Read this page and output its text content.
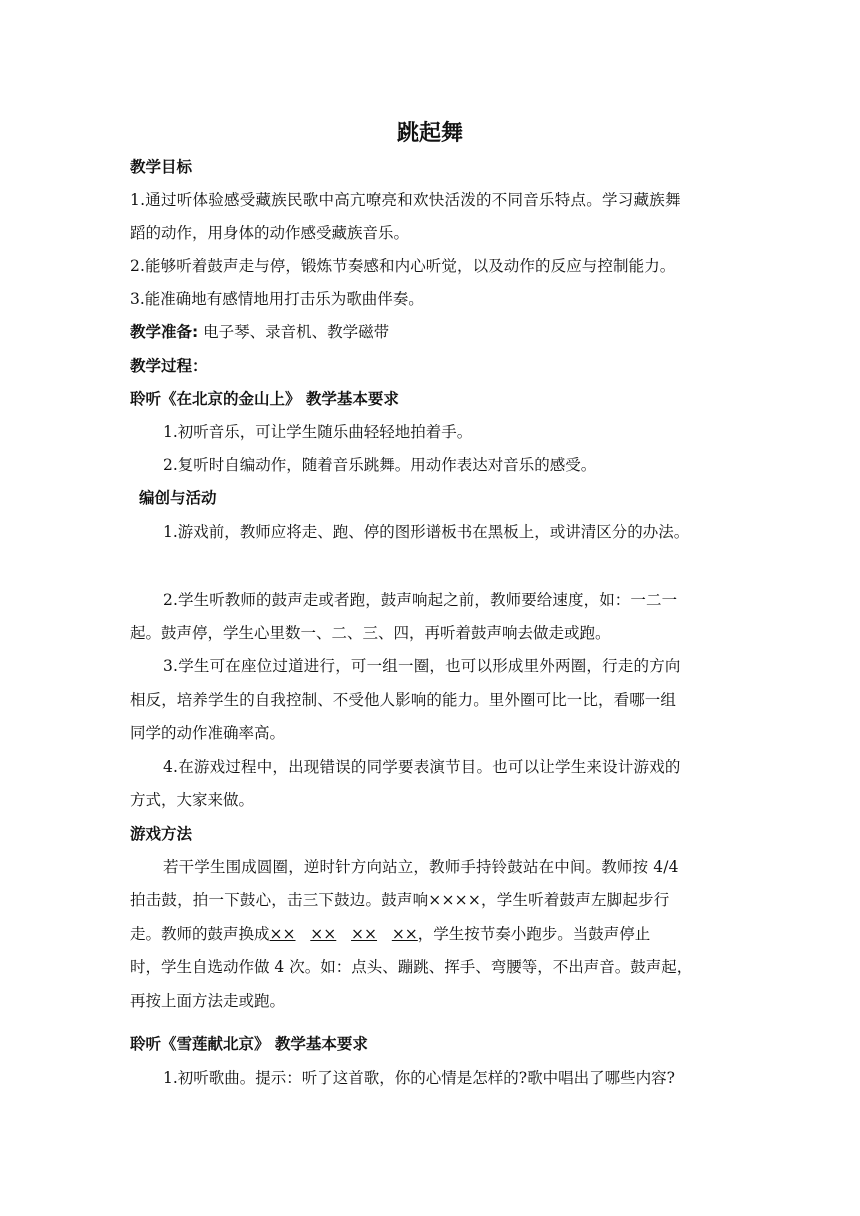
跳起舞
教学目标
1.通过听体验感受藏族民歌中高亢嘹亮和欢快活泼的不同音乐特点。学习藏族舞
蹈的动作，用身体的动作感受藏族音乐。
2.能够听着鼓声走与停，锻炼节奏感和内心听觉，以及动作的反应与控制能力。
3.能准确地有感情地用打击乐为歌曲伴奏。
教学准备: 电子琴、录音机、教学磁带
教学过程：
聆听《在北京的金山上》 教学基本要求
1.初听音乐，可让学生随乐曲轻轻地拍着手。
2.复听时自编动作，随着音乐跳舞。用动作表达对音乐的感受。
编创与活动
1.游戏前，教师应将走、跑、停的图形谱板书在黑板上，或讲清区分的办法。
2.学生听教师的鼓声走或者跑，鼓声响起之前，教师要给速度，如：一二一
起。鼓声停，学生心里数一、二、三、四，再听着鼓声响去做走或跑。
3.学生可在座位过道进行，可一组一圈，也可以形成里外两圈，行走的方向
相反，培养学生的自我控制、不受他人影响的能力。里外圈可比一比，看哪一组
同学的动作准确率高。
4.在游戏过程中，出现错误的同学要表演节目。也可以让学生来设计游戏的
方式，大家来做。
游戏方法
若干学生围成圆圈，逆时针方向站立，教师手持铃鼓站在中间。教师按 4/4
拍击鼓，拍一下鼓心，击三下鼓边。鼓声响××××，学生听着鼓声左脚起步行
走。教师的鼓声换成×× ×× ×× ××，学生按节奏小跑步。当鼓声停止
时，学生自选动作做 4 次。如：点头、蹦跳、挥手、弯腰等，不出声音。鼓声起，
再按上面方法走或跑。
聆听《雪莲献北京》 教学基本要求
1.初听歌曲。提示：听了这首歌，你的心情是怎样的?歌中唱出了哪些内容?
